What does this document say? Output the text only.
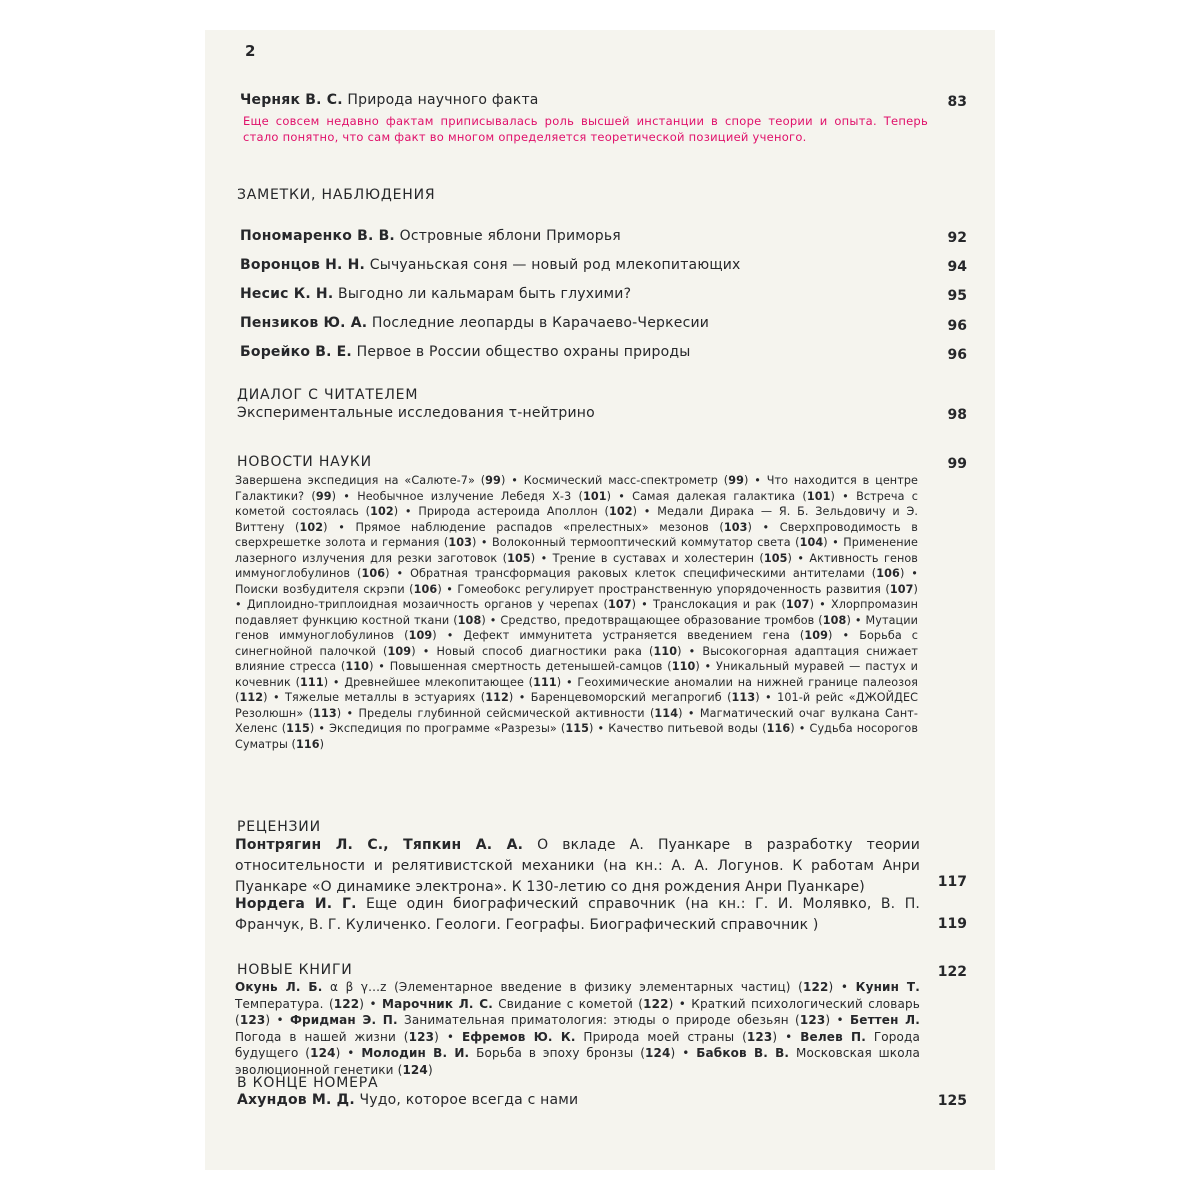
2
Черняк В. С. Природа научного факта	83
Еще совсем недавно фактам приписывалась роль высшей инстанции в споре теории и опыта. Теперь стало понятно, что сам факт во многом определяется теоретической позицией ученого.
ЗАМЕТКИ, НАБЛЮДЕНИЯ
Пономаренко В. В. Островные яблони Приморья	92
Воронцов Н. Н. Сычуаньская соня — новый род млекопитающих	94
Несис К. Н. Выгодно ли кальмарам быть глухими?	95
Пензиков Ю. А. Последние леопарды в Карачаево-Черкесии	96
Борейко В. Е. Первое в России общество охраны природы	96
ДИАЛОГ С ЧИТАТЕЛЕМ
Экспериментальные исследования τ-нейтрино	98
НОВОСТИ НАУКИ	99
Завершена экспедиция на «Салюте-7» (99) • Космический масс-спектрометр (99) • Что находится в центре Галактики? (99) • Необычное излучение Лебедя Х-3 (101) • Самая далекая галактика (101) • Встреча с кометой состоялась (102) • Природа астероида Аполлон (102) • Медали Дирака — Я. Б. Зельдовичу и Э. Виттену (102) • Прямое наблюдение распадов «прелестных» мезонов (103) • Сверхпроводимость в сверхрешетке золота и германия (103) • Волоконный термооптический коммутатор света (104) • Применение лазерного излучения для резки заготовок (105) • Трение в суставах и холестерин (105) • Активность генов иммуноглобулинов (106) • Обратная трансформация раковых клеток специфическими антителами (106) • Поиски возбудителя скрэпи (106) • Гомеобокс регулирует пространственную упорядоченность развития (107) • Диплоидно-триплоидная мозаичность органов у черепах (107) • Транслокация и рак (107) • Хлорпромазин подавляет функцию костной ткани (108) • Средство, предотвращающее образование тромбов (108) • Мутации генов иммуноглобулинов (109) • Дефект иммунитета устраняется введением гена (109) • Борьба с синегнойной палочкой (109) • Новый способ диагностики рака (110) • Высокогорная адаптация снижает влияние стресса (110) • Повышенная смертность детенышей-самцов (110) • Уникальный муравей — пастух и кочевник (111) • Древнейшее млекопитающее (111) • Геохимические аномалии на нижней границе палеозоя (112) • Тяжелые металлы в эстуариях (112) • Баренцевоморский мегапрогиб (113) • 101-й рейс «ДЖОЙДЕС Резолюшн» (113) • Пределы глубинной сейсмической активности (114) • Магматический очаг вулкана Сант-Хеленс (115) • Экспедиция по программе «Разрезы» (115) • Качество питьевой воды (116) • Судьба носорогов Суматры (116)
РЕЦЕНЗИИ
Понтрягин Л. С., Тяпкин А. А. О вкладе А. Пуанкаре в разработку теории относительности и релятивистской механики (на кн.: А. А. Логунов. К работам Анри Пуанкаре «О динамике электрона». К 130-летию со дня рождения Анри Пуанкаре)	117
Нордега И. Г. Еще один биографический справочник (на кн.: Г. И. Молявко, В. П. Франчук, В. Г. Куличенко. Геологи. Географы. Биографический справочник )	119
НОВЫЕ КНИГИ	122
Окунь Л. Б. α β γ...z (Элементарное введение в физику элементарных частиц) (122) • Кунин Т. Температура. (122) • Марочник Л. С. Свидание с кометой (122) • Краткий психологический словарь (123) • Фридман Э. П. Занимательная приматология: этюды о природе обезьян (123) • Беттен Л. Погода в нашей жизни (123) • Ефремов Ю. К. Природа моей страны (123) • Велев П. Города будущего (124) • Молодин В. И. Борьба в эпоху бронзы (124) • Бабков В. В. Московская школа эволюционной генетики (124)
В КОНЦЕ НОМЕРА
Ахундов М. Д. Чудо, которое всегда с нами	125
